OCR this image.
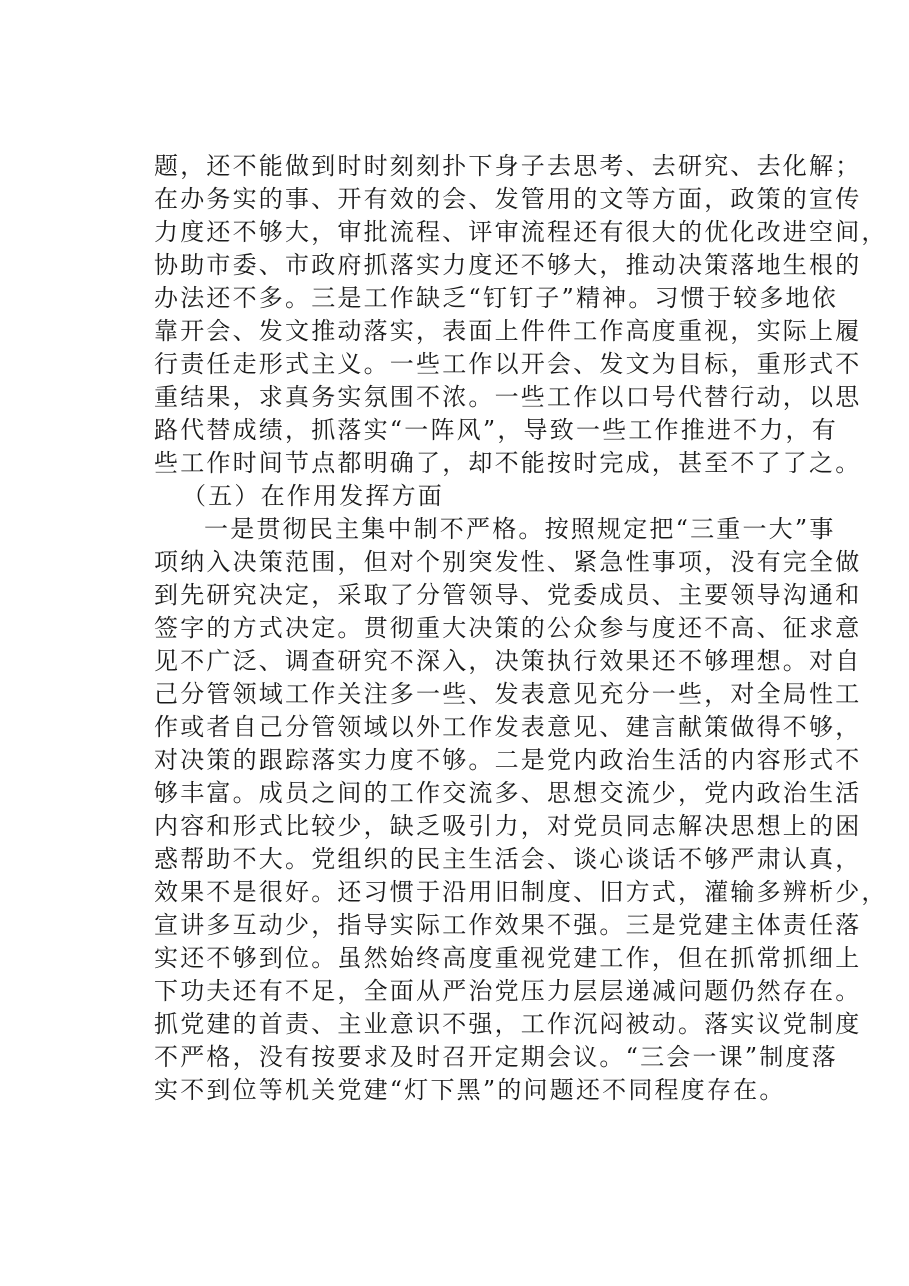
题，还不能做到时时刻刻扑下身子去思考、去研究、去化解；
在办务实的事、开有效的会、发管用的文等方面，政策的宣传
力度还不够大，审批流程、评审流程还有很大的优化改进空间，
协助市委、市政府抓落实力度还不够大，推动决策落地生根的
办法还不多。三是工作缺乏“钉钉子”精神。习惯于较多地依
靠开会、发文推动落实，表面上件件工作高度重视，实际上履
行责任走形式主义。一些工作以开会、发文为目标，重形式不
重结果，求真务实氛围不浓。一些工作以口号代替行动，以思
路代替成绩，抓落实“一阵风”，导致一些工作推进不力，有
些工作时间节点都明确了，却不能按时完成，甚至不了了之。
（五）在作用发挥方面
一是贯彻民主集中制不严格。按照规定把“三重一大”事
项纳入决策范围，但对个别突发性、紧急性事项，没有完全做
到先研究决定，采取了分管领导、党委成员、主要领导沟通和
签字的方式决定。贯彻重大决策的公众参与度还不高、征求意
见不广泛、调查研究不深入，决策执行效果还不够理想。对自
己分管领域工作关注多一些、发表意见充分一些，对全局性工
作或者自己分管领域以外工作发表意见、建言献策做得不够，
对决策的跟踪落实力度不够。二是党内政治生活的内容形式不
够丰富。成员之间的工作交流多、思想交流少，党内政治生活
内容和形式比较少，缺乏吸引力，对党员同志解决思想上的困
惑帮助不大。党组织的民主生活会、谈心谈话不够严肃认真，
效果不是很好。还习惯于沿用旧制度、旧方式，灌输多辨析少，
宣讲多互动少，指导实际工作效果不强。三是党建主体责任落
实还不够到位。虽然始终高度重视党建工作，但在抓常抓细上
下功夫还有不足，全面从严治党压力层层递减问题仍然存在。
抓党建的首责、主业意识不强，工作沉闷被动。落实议党制度
不严格，没有按要求及时召开定期会议。“三会一课”制度落
实不到位等机关党建“灯下黑”的问题还不同程度存在。
